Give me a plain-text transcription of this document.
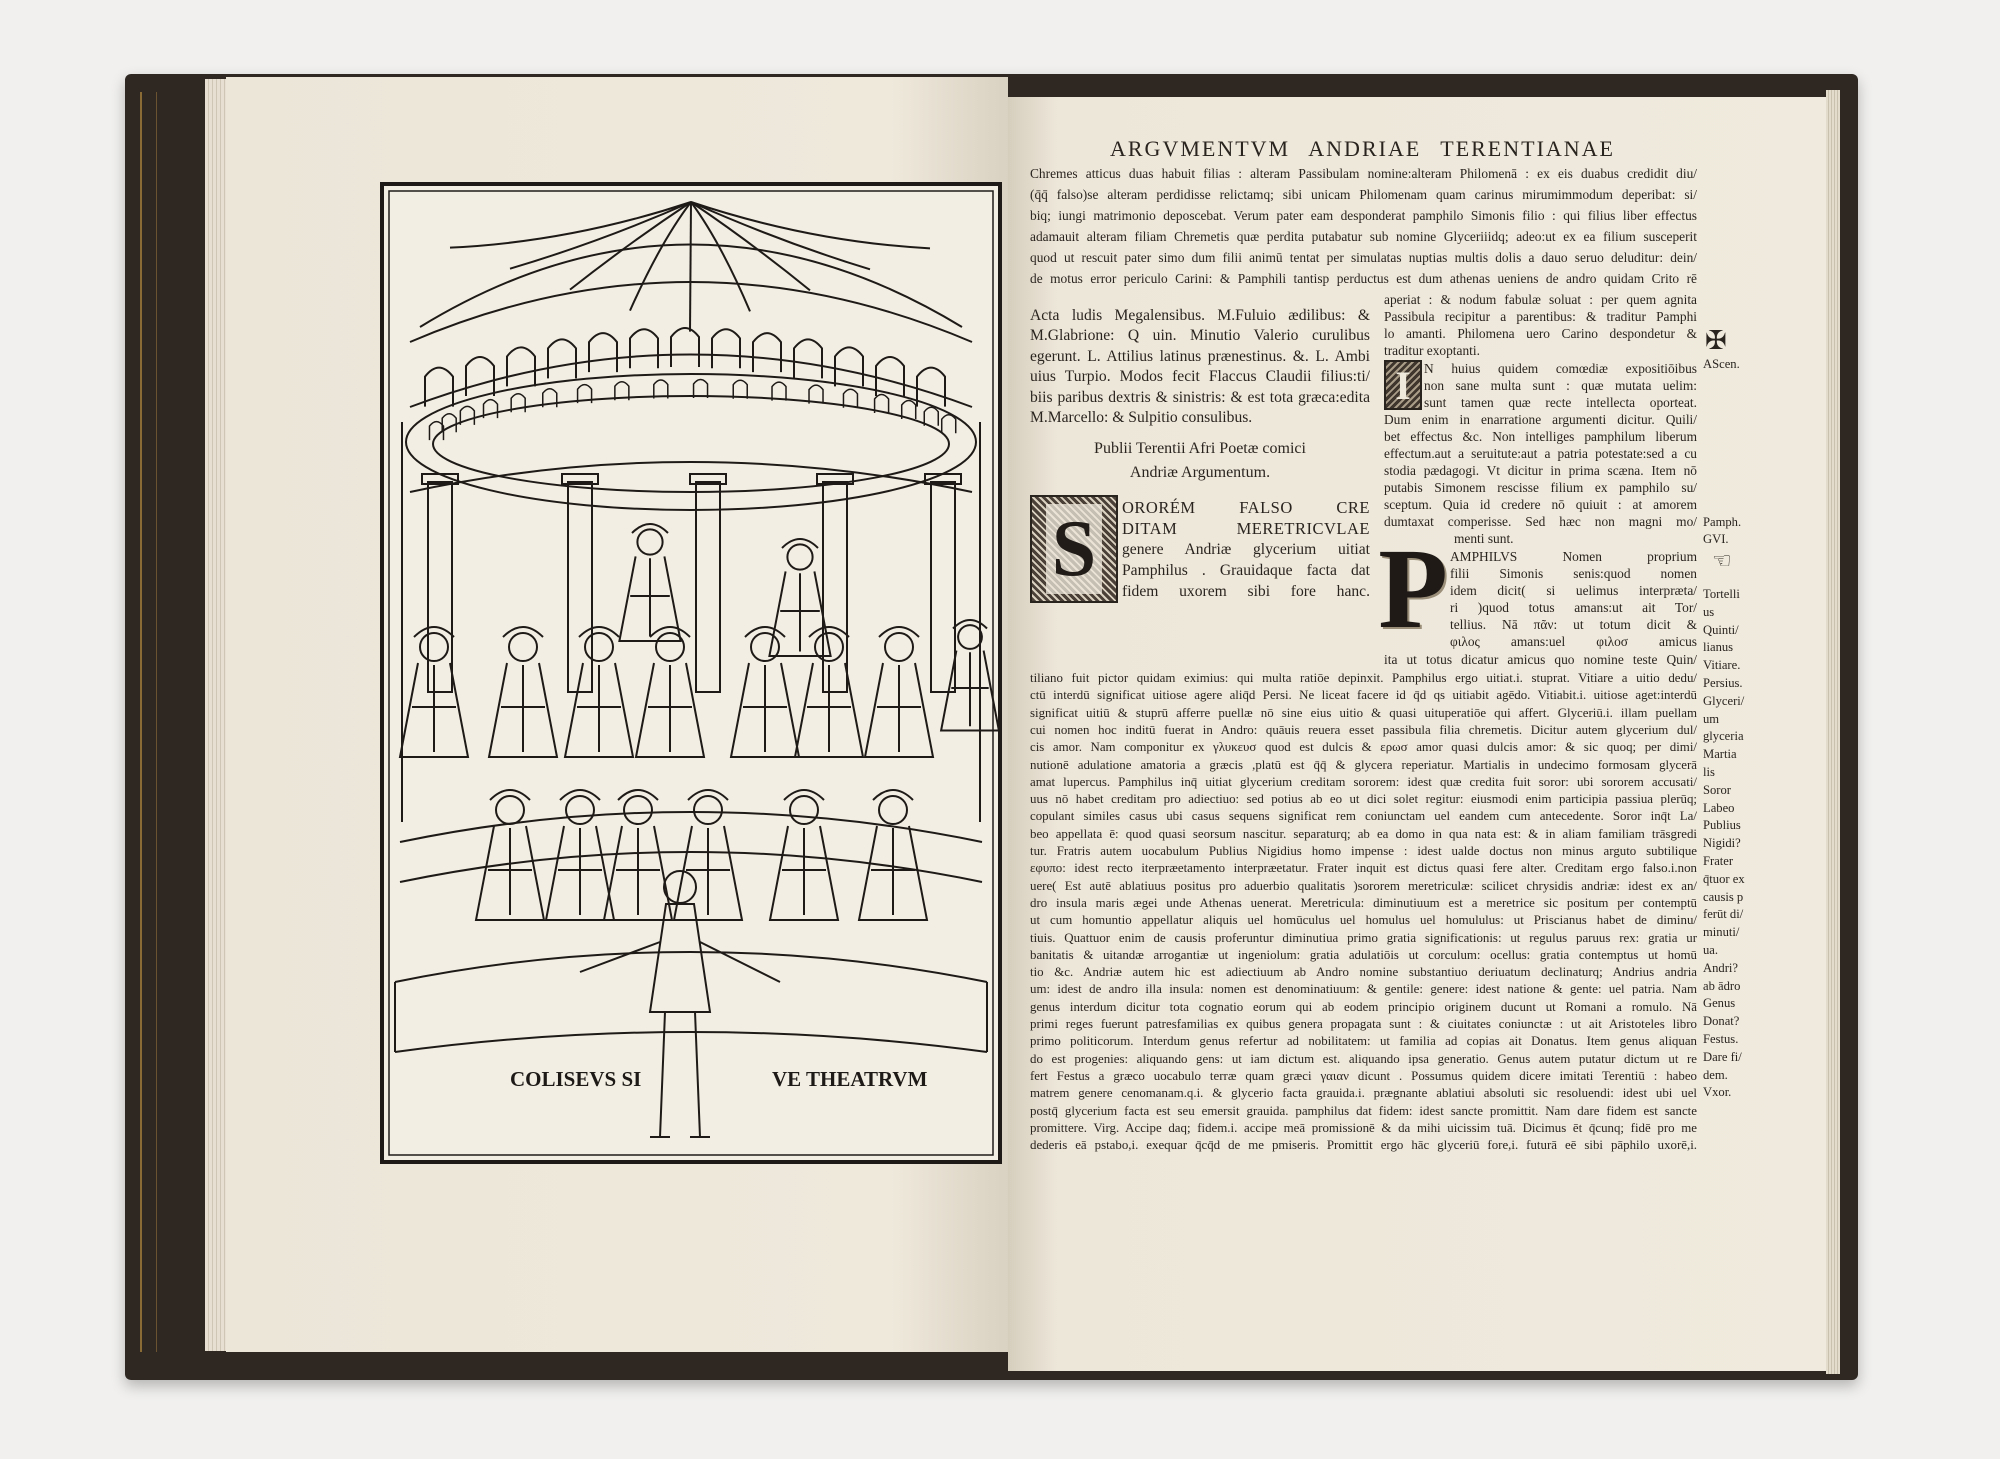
COLISEVS SI	VE THEATRVM
ARGVMENTVM ANDRIAE TERENTIANAE
Chremes atticus duas habuit filias : alteram Passibulam nomine:alteram Philomenā : ex eis duabus credidit diu/
(q̄q̄ falso)se alteram perdidisse relictamq; sibi unicam Philomenam quam carinus mirumimmodum deperibat: si/
biq; iungi matrimonio deposcebat. Verum pater eam desponderat pamphilo Simonis filio : qui filius liber effectus
adamauit alteram filiam Chremetis quæ perdita putabatur sub nomine Glyceriiidq; adeo:ut ex ea filium susceperit
quod ut rescuit pater simo dum filii animū tentat per simulatas nuptias multis dolis a dauo seruo deluditur: dein/
de motus error periculo Carini: & Pamphili tantisp perductus est dum athenas ueniens de andro quidam Crito rē
aperiat : & nodum fabulæ soluat : per quem agnita
Passibula recipitur a parentibus: & traditur Pamphi
lo amanti. Philomena uero Carino despondetur &
traditur exoptanti.
Acta ludis Megalensibus. M.Fuluio ædilibus: &
M.Glabrione: Q uin. Minutio Valerio curulibus
egerunt. L. Attilius latinus prænestinus. &. L. Ambi
uius Turpio. Modos fecit Flaccus Claudii filius:ti/
biis paribus dextris & sinistris: & est tota græca:edita
M.Marcello: & Sulpitio consulibus.
Publii Terentii Afri Poetæ comici
Andriæ Argumentum.
S	ORORÉM FALSO CRE
DITAM MERETRICVLAE
genere Andriæ glycerium uitiat
Pamphilus . Grauidaque facta dat
fidem uxorem sibi fore hanc.
I N huius quidem comœdiæ expositiōibus
non sane multa sunt : quæ mutata uelim:
sunt tamen quæ recte intellecta oporteat.
Dum enim in enarratione argumenti dicitur. Quili/
bet effectus &c. Non intelliges pamphilum liberum
effectum.aut a seruitute:aut a patria potestate:sed a cu
stodia pædagogi. Vt dicitur in prima scæna. Item nō
putabis Simonem rescisse filium ex pamphilo su/
sceptum. Quia id credere nō quiuit : at amorem
dumtaxat comperisse. Sed hæc non magni mo/
menti sunt.
P AMPHILVS Nomen proprium
filii Simonis senis:quod nomen
idem dicit( si uelimus interpræta/
ri )quod totus amans:ut ait Tor/
tellius. Nā πᾶν: ut totum dicit &
φιλος amans:uel φιλοσ amicus
ita ut totus dicatur amicus quo nomine teste Quin/
tiliano fuit pictor quidam eximius: qui multa ratiōe depinxit. Pamphilus ergo uitiat.i. stuprat. Vitiare a uitio dedu/
ctū interdū significat uitiose agere aliq̄d Persi. Ne liceat facere id q̄d qs uitiabit agēdo. Vitiabit.i. uitiose aget:interdū
significat uitiū & stuprū afferre puellæ nō sine eius uitio & quasi uituperatiōe qui affert. Glyceriū.i. illam puellam
cui nomen hoc inditū fuerat in Andro: quāuis reuera esset passibula filia chremetis. Dicitur autem glycerium dul/
cis amor. Nam componitur ex γλυκευσ quod est dulcis & ερωσ amor quasi dulcis amor: & sic quoq; per dimi/
nutionē adulatione amatoria a græcis ,platū est q̄q̄ & glycera reperiatur. Martialis in undecimo formosam glycerā
amat lupercus. Pamphilus inq̄ uitiat glycerium creditam sororem: idest quæ credita fuit soror: ubi sororem accusati/
uus nō habet creditam pro adiectiuo: sed potius ab eo ut dici solet regitur: eiusmodi enim participia passiua plerūq;
copulant similes casus ubi casus sequens significat rem coniunctam uel eandem cum antecedente. Soror inq̄t La/
beo appellata ē: quod quasi seorsum nascitur. separaturq; ab ea domo in qua nata est: & in aliam familiam trāsgredi
tur. Fratris autem uocabulum Publius Nigidius homo impense : idest ualde doctus non minus arguto subtilique
εφυπο: idest recto iterpræetamento interpræetatur. Frater inquit est dictus quasi fere alter. Creditam ergo falso.i.non
uere( Est autē ablatiuus positus pro aduerbio qualitatis )sororem meretriculæ: scilicet chrysidis andriæ: idest ex an/
dro insula maris ægei unde Athenas uenerat. Meretricula: diminutiuum est a meretrice sic positum per contemptū
ut cum homuntio appellatur aliquis uel homūculus uel homulus uel homululus: ut Priscianus habet de diminu/
tiuis. Quattuor enim de causis proferuntur diminutiua primo gratia significationis: ut regulus paruus rex: gratia ur
banitatis & uitandæ arrogantiæ ut ingeniolum: gratia adulatiōis ut corculum: ocellus: gratia contemptus ut homū
tio &c. Andriæ autem hic est adiectiuum ab Andro nomine substantiuo deriuatum declinaturq; Andrius andria
um: idest de andro illa insula: nomen est denominatiuum: & gentile: genere: idest natione & gente: uel patria. Nam
genus interdum dicitur tota cognatio eorum qui ab eodem principio originem ducunt ut Romani a romulo. Nā
primi reges fuerunt patresfamilias ex quibus genera propagata sunt : & ciuitates coniunctæ : ut ait Aristoteles libro
primo politicorum. Interdum genus refertur ad nobilitatem: ut familia ad copias ait Donatus. Item genus aliquan
do est progenies: aliquando gens: ut iam dictum est. aliquando ipsa generatio. Genus autem putatur dictum ut re
fert Festus a græco uocabulo terræ quam græci γαιαν dicunt . Possumus quidem dicere imitati Terentiū : habeo
matrem genere cenomanam.q.i. & glycerio facta grauida.i. prægnante ablatiui absoluti sic resoluendi: idest ubi uel
postq̄ glycerium facta est seu emersit grauida. pamphilus dat fidem: idest sancte promittit. Nam dare fidem est sancte
promittere. Virg. Accipe daq; fidem.i. accipe meā promissionē & da mihi uicissim tuā. Dicimus ēt q̄cunq; fidē pro me
dederis eā pstabo,i. exequar q̄cq̄d de me pmiseris. Promittit ergo hāc glyceriū fore,i. futurā eē sibi pāphilo uxorē,i.
✠
AScen.
Pamph.
GVI.
☜
Tortelli
us
Quinti/
lianus
Vitiare.
Persius.
Glyceri/
um
glyceria
Martia
lis
Soror
Labeo
Publius
Nigidi?
Frater
q̄tuor ex
causis p
ferūt di/
minuti/
ua.
Andri?
ab ādro
Genus
Donat?
Festus.
Dare fi/
dem.
Vxor.
